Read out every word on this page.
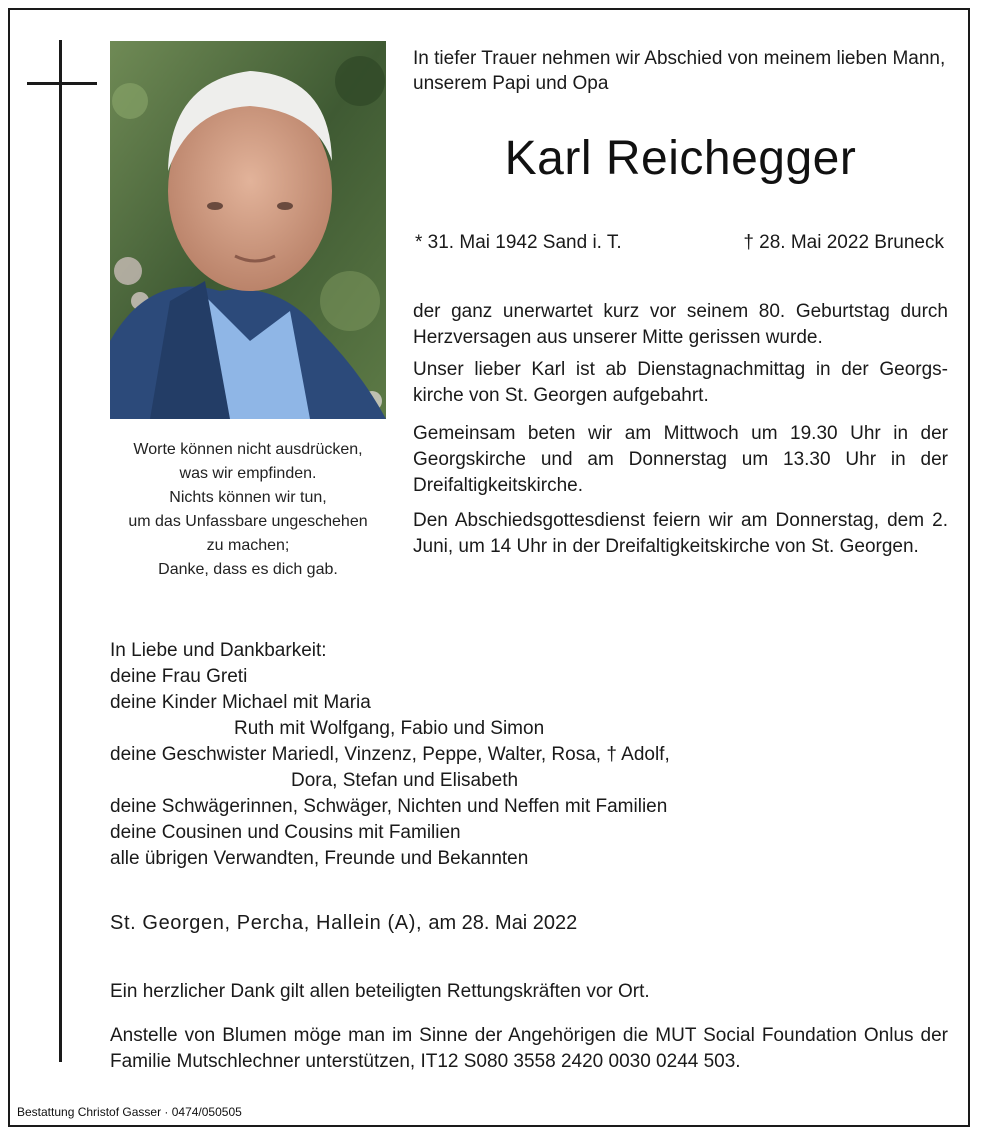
Worte können nicht ausdrücken,
was wir empfinden.
Nichts können wir tun,
um das Unfassbare ungeschehen
zu machen;
Danke, dass es dich gab.
In tiefer Trauer nehmen wir Abschied von meinem lieben Mann, unserem Papi und Opa
Karl Reichegger
* 31. Mai 1942 Sand i. T.	† 28. Mai 2022 Bruneck
der ganz unerwartet kurz vor seinem 80. Geburtstag durch Herzversagen aus unserer Mitte gerissen wurde.
Unser lieber Karl ist ab Dienstagnachmittag in der Georgs-kirche von St. Georgen aufgebahrt.
Gemeinsam beten wir am Mittwoch um 19.30 Uhr in der Georgskirche und am Donnerstag um 13.30 Uhr in der Dreifaltigkeitskirche.
Den Abschiedsgottesdienst feiern wir am Donnerstag, dem 2. Juni, um 14 Uhr in der Dreifaltigkeitskirche von St. Georgen.
In Liebe und Dankbarkeit:
deine Frau Greti
deine Kinder Michael mit Maria
Ruth mit Wolfgang, Fabio und Simon
deine Geschwister Mariedl, Vinzenz, Peppe, Walter, Rosa, † Adolf,
Dora, Stefan und Elisabeth
deine Schwägerinnen, Schwäger, Nichten und Neffen mit Familien
deine Cousinen und Cousins mit Familien
alle übrigen Verwandten, Freunde und Bekannten
St. Georgen, Percha, Hallein (A), am 28. Mai 2022
Ein herzlicher Dank gilt allen beteiligten Rettungskräften vor Ort.
Anstelle von Blumen möge man im Sinne der Angehörigen die MUT Social Foundation Onlus der Familie Mutschlechner unterstützen, IT12 S080 3558 2420 0030 0244 503.
Bestattung Christof Gasser · 0474/050505
